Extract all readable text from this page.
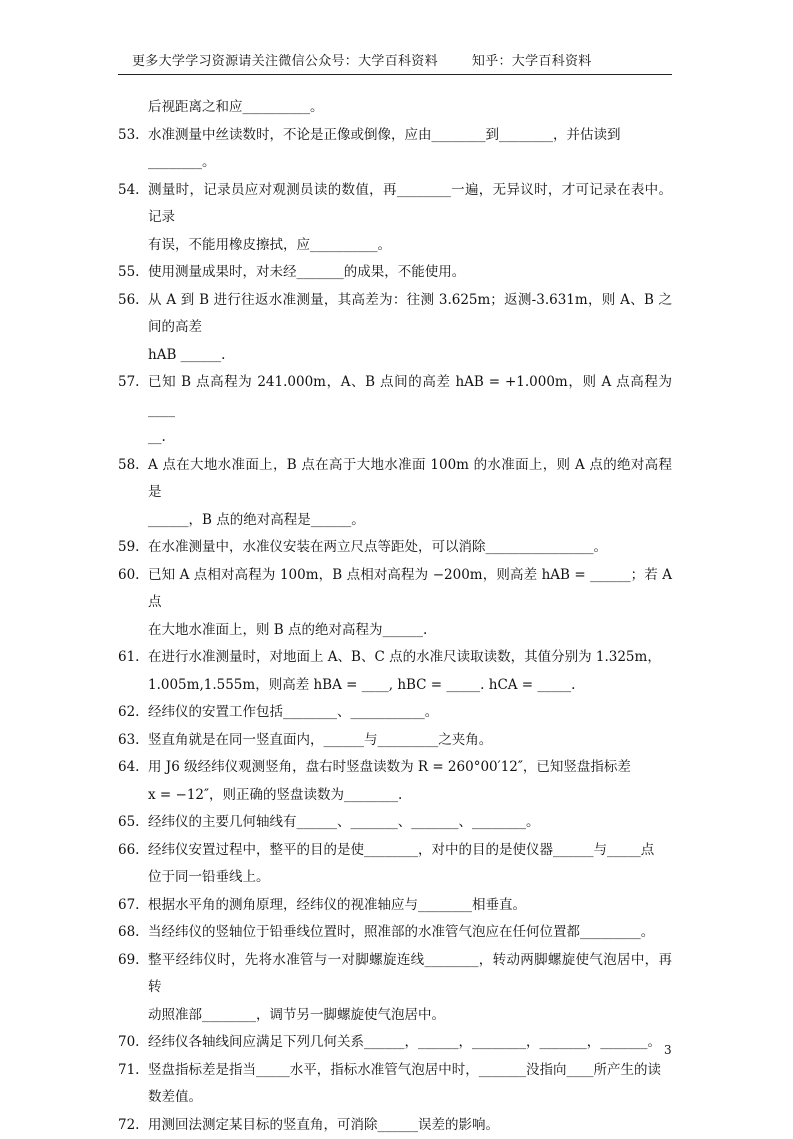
更多大学学习资源请关注微信公众号：大学百科资料	知乎：大学百科资料
后视距离之和应__________。
53. 水准测量中丝读数时，不论是正像或倒像，应由________到________，并估读到
________。
54. 测量时，记录员应对观测员读的数值，再________一遍，无异议时，才可记录在表中。记录
有误，不能用橡皮擦拭，应__________。
55. 使用测量成果时，对未经_______的成果，不能使用。
56. 从 A 到 B 进行往返水准测量，其高差为：往测 3.625m；返测-3.631m，则 A、B 之间的高差
hAB ______.
57. 已知 B 点高程为 241.000m，A、B 点间的高差 hAB = +1.000m，则 A 点高程为____
__.
58. A 点在大地水准面上，B 点在高于大地水准面 100m 的水准面上，则 A 点的绝对高程是
______，B 点的绝对高程是______。
59. 在水准测量中，水准仪安装在两立尺点等距处，可以消除________________。
60. 已知 A 点相对高程为 100m，B 点相对高程为 −200m，则高差 hAB = ______；若 A 点
在大地水准面上，则 B 点的绝对高程为______.
61. 在进行水准测量时，对地面上 A、B、C 点的水准尺读取读数，其值分别为 1.325m，
1.005m,1.555m，则高差 hBA = ____, hBC = _____. hCA = _____.
62. 经纬仪的安置工作包括________、___________。
63. 竖直角就是在同一竖直面内，______与_________之夹角。
64. 用 J6 级经纬仪观测竖角，盘右时竖盘读数为 R = 260°00′12″，已知竖盘指标差
x = −12″，则正确的竖盘读数为________.
65. 经纬仪的主要几何轴线有______、_______、_______、________。
66. 经纬仪安置过程中，整平的目的是使________，对中的目的是使仪器______与_____点
位于同一铅垂线上。
67. 根据水平角的测角原理，经纬仪的视准轴应与________相垂直。
68. 当经纬仪的竖轴位于铅垂线位置时，照准部的水准管气泡应在任何位置都_________。
69. 整平经纬仪时，先将水准管与一对脚螺旋连线________，转动两脚螺旋使气泡居中，再转
动照准部________，调节另一脚螺旋使气泡居中。
70. 经纬仪各轴线间应满足下列几何关系______，______，________，_______，_______。
71. 竖盘指标差是指当_____水平，指标水准管气泡居中时，_______没指向____所产生的读
数差值。
72. 用测回法测定某目标的竖直角，可消除______误差的影响。
3
